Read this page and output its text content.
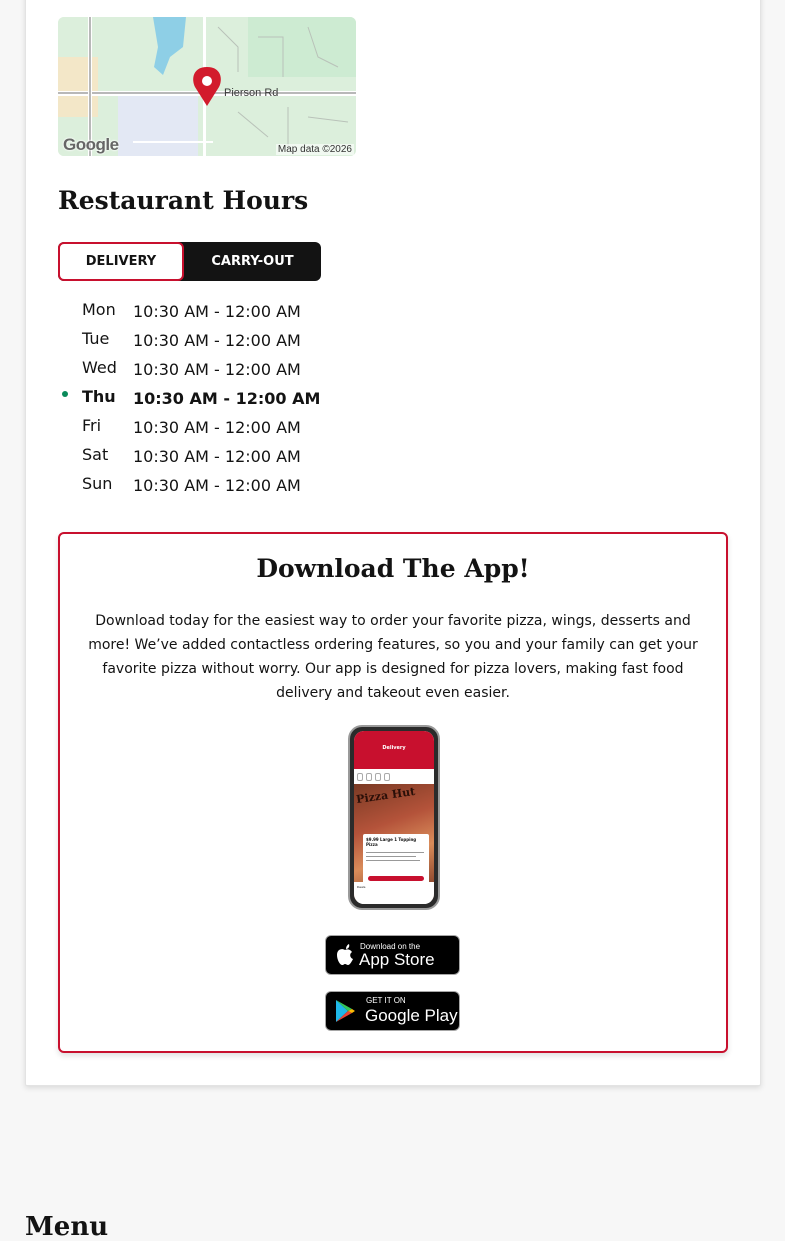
Pierson Rd
Google	Map data ©2026
Restaurant Hours
DELIVERY	CARRY-OUT
Mon 10:30 AM - 12:00 AM
Tue 10:30 AM - 12:00 AM
Wed 10:30 AM - 12:00 AM
Thu 10:30 AM - 12:00 AM
Fri 10:30 AM - 12:00 AM
Sat 10:30 AM - 12:00 AM
Sun 10:30 AM - 12:00 AM
Download The App!

Download today for the easiest way to order your favorite pizza, wings, desserts and more! We’ve added contactless ordering features, so you and your family can get your favorite pizza without worry. Our app is designed for pizza lovers, making fast food delivery and takeout even easier.

Delivery
Pizza Hut
$9.99 Large 1 Topping Pizza
Deals
Download on the
App Store
GET IT ON
Google Play
Menu
